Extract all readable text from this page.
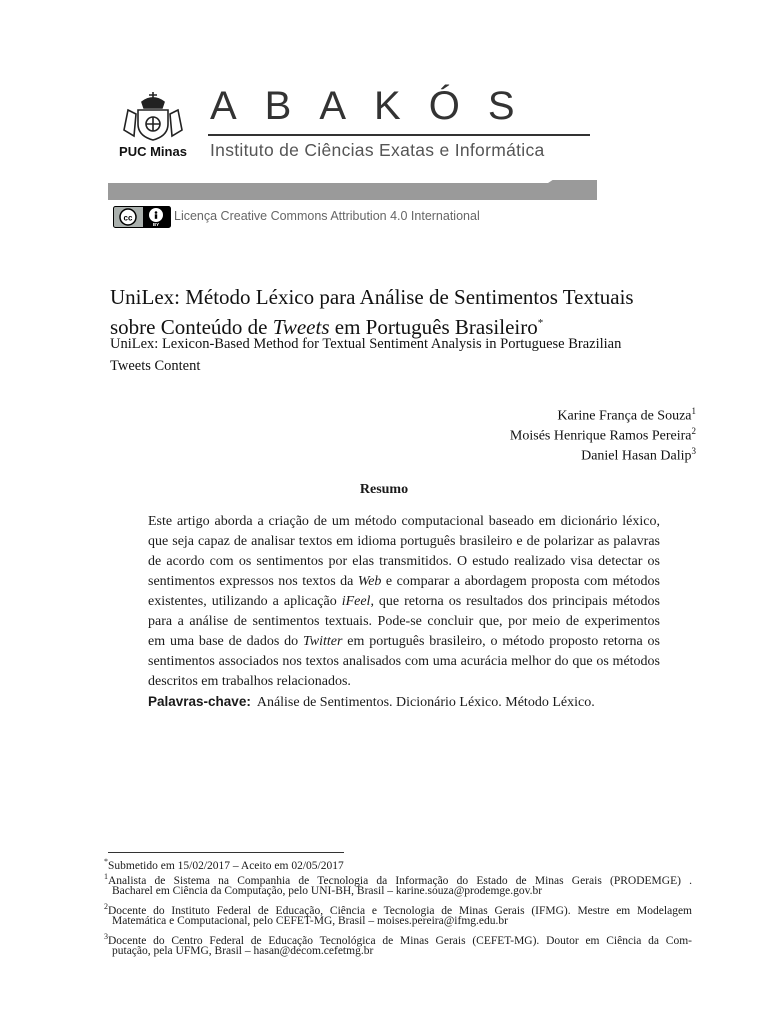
PUC Minas
ABAKÓS
Instituto de Ciências Exatas e Informática
cc
BY
Licença Creative Commons Attribution 4.0 International
UniLex: Método Léxico para Análise de Sentimentos Textuais
sobre Conteúdo de Tweets em Português Brasileiro*
UniLex: Lexicon-Based Method for Textual Sentiment Analysis in Portuguese Brazilian
Tweets Content
Karine França de Souza$^1$
Moisés Henrique Ramos Pereira$^2$
Daniel Hasan Dalip$^3$
Resumo
Este artigo aborda a criação de um método computacional baseado em dicionário léxico,
que seja capaz de analisar textos em idioma português brasileiro e de polarizar as palavras
de acordo com os sentimentos por elas transmitidos. O estudo realizado visa detectar os
sentimentos expressos nos textos da Web e comparar a abordagem proposta com métodos
existentes, utilizando a aplicação iFeel, que retorna os resultados dos principais métodos
para a análise de sentimentos textuais. Pode-se concluir que, por meio de experimentos
em uma base de dados do Twitter em português brasileiro, o método proposto retorna os
sentimentos associados nos textos analisados com uma acurácia melhor do que os métodos
descritos em trabalhos relacionados.
Palavras-chave: Análise de Sentimentos. Dicionário Léxico. Método Léxico.
*Submetido em 15/02/2017 – Aceito em 02/05/2017
$^1$Analista de Sistema na Companhia de Tecnologia da Informação do Estado de Minas Gerais (PRODEMGE) .
Bacharel em Ciência da Computação, pelo UNI-BH, Brasil – karine.souza@prodemge.gov.br
$^2$Docente do Instituto Federal de Educação, Ciência e Tecnologia de Minas Gerais (IFMG). Mestre em Modelagem
Matemática e Computacional, pelo CEFET-MG, Brasil – moises.pereira@ifmg.edu.br
$^3$Docente do Centro Federal de Educação Tecnológica de Minas Gerais (CEFET-MG). Doutor em Ciência da Com-
putação, pela UFMG, Brasil – hasan@decom.cefetmg.br
